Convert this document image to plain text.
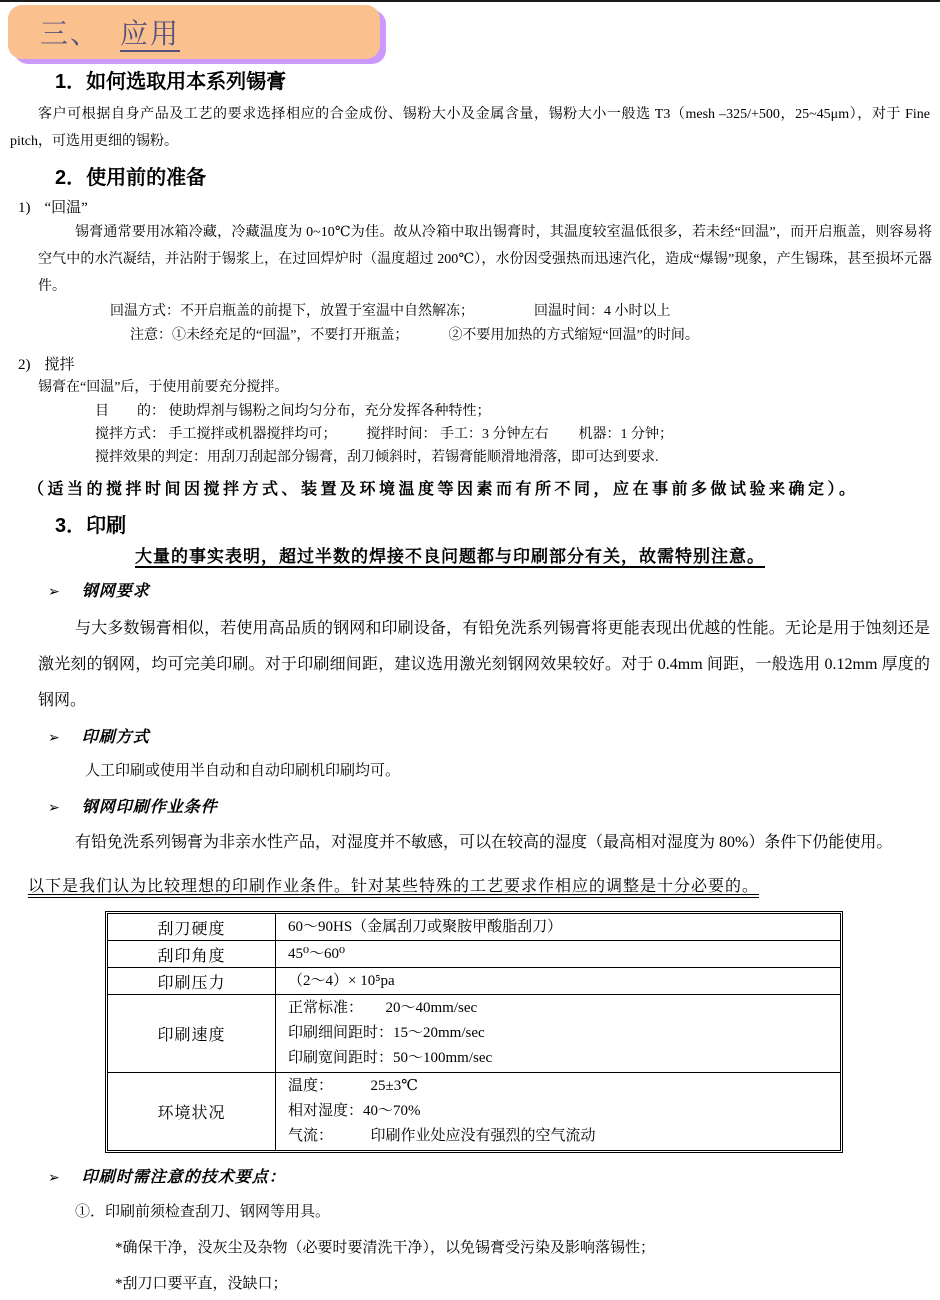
三、 应用
1．如何选取用本系列锡膏
客户可根据自身产品及工艺的要求选择相应的合金成份、锡粉大小及金属含量，锡粉大小一般选 T3（mesh –325/+500，25~45μm），对于 Fine pitch，可选用更细的锡粉。
2．使用前的准备
1) “回温”
锡膏通常要用冰箱冷藏，冷藏温度为 0~10℃为佳。故从冷箱中取出锡膏时，其温度较室温低很多，若未经“回温”，而开启瓶盖，则容易将空气中的水汽凝结，并沾附于锡浆上，在过回焊炉时（温度超过 200℃），水份因受强热而迅速汽化，造成“爆锡”现象，产生锡珠，甚至损坏元器件。
回温方式：不开启瓶盖的前提下，放置于室温中自然解冻；	回温时间：4 小时以上
注意：①未经充足的“回温”，不要打开瓶盖；	②不要用加热的方式缩短“回温”的时间。
2) 搅拌
锡膏在“回温”后，于使用前要充分搅拌。
目　　的： 使助焊剂与锡粉之间均匀分布，充分发挥各种特性；
搅拌方式： 手工搅拌或机器搅拌均可； 搅拌时间： 手工：3 分钟左右 机器：1 分钟；
搅拌效果的判定：用刮刀刮起部分锡膏，刮刀倾斜时，若锡膏能顺滑地滑落，即可达到要求.
（适当的搅拌时间因搅拌方式、装置及环境温度等因素而有所不同，应在事前多做试验来确定）。
3．印刷
大量的事实表明，超过半数的焊接不良问题都与印刷部分有关，故需特别注意。
➢ 钢网要求
与大多数锡膏相似，若使用高品质的钢网和印刷设备，有铅免洗系列锡膏将更能表现出优越的性能。无论是用于蚀刻还是激光刻的钢网，均可完美印刷。对于印刷细间距，建议选用激光刻钢网效果较好。对于 0.4mm 间距，一般选用 0.12mm 厚度的钢网。
➢ 印刷方式
人工印刷或使用半自动和自动印刷机印刷均可。
➢ 钢网印刷作业条件
有铅免洗系列锡膏为非亲水性产品，对湿度并不敏感，可以在较高的湿度（最高相对湿度为 80%）条件下仍能使用。
以下是我们认为比较理想的印刷作业条件。针对某些特殊的工艺要求作相应的调整是十分必要的。
刮刀硬度	60～90HS（金属刮刀或聚胺甲酸脂刮刀）
刮印角度	45⁰～60⁰
印刷压力	（2～4）× 10⁵pa
印刷速度	正常标准：　　20～40mm/sec
印刷细间距时：15～20mm/sec
印刷宽间距时：50～100mm/sec

环境状况	温度：　　　25±3℃
相对湿度：40～70%
气流：　　　印刷作业处应没有强烈的空气流动
➢ 印刷时需注意的技术要点：
①．印刷前须检查刮刀、钢网等用具。
*确保干净，没灰尘及杂物（必要时要清洗干净），以免锡膏受污染及影响落锡性；
*刮刀口要平直，没缺口；
